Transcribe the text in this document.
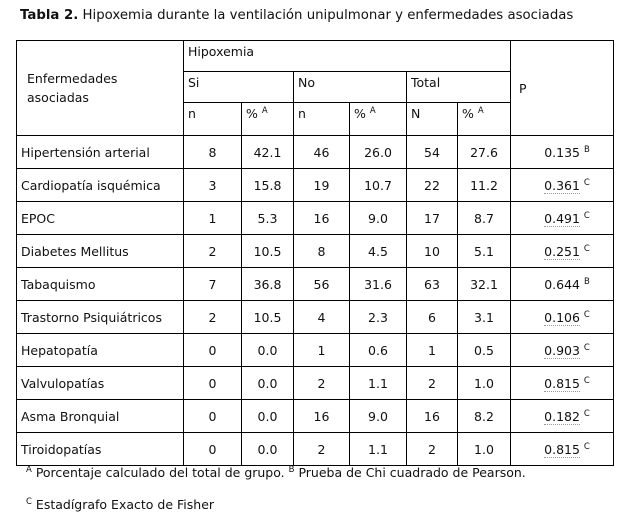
Tabla 2. Hipoxemia durante la ventilación unipulmonar y enfermedades asociadas
Enfermedades asociadas	Hipoxemia						P
	Si		No		Total		
	n	% $^A$	n	% $^A$	N	% $^A$
Hipertensión arterial	8	42.1	46	26.0	54	27.6	0.135 $^B$
Cardiopatía isquémica	3	15.8	19	10.7	22	11.2	0.361 $^C$
EPOC	1	5.3	16	9.0	17	8.7	0.491 $^C$
Diabetes Mellitus	2	10.5	8	4.5	10	5.1	0.251 $^C$
Tabaquismo	7	36.8	56	31.6	63	32.1	0.644 $^B$
Trastorno Psiquiátricos	2	10.5	4	2.3	6	3.1	0.106 $^C$
Hepatopatía	0	0.0	1	0.6	1	0.5	0.903 $^C$
Valvulopatías	0	0.0	2	1.1	2	1.0	0.815 $^C$
Asma Bronquial	0	0.0	16	9.0	16	8.2	0.182 $^C$
Tiroidopatías	0	0.0	2	1.1	2	1.0	0.815 $^C$
$^A$ Porcentaje calculado del total de grupo. $^B$ Prueba de Chi cuadrado de Pearson.
$^C$ Estadígrafo Exacto de Fisher
